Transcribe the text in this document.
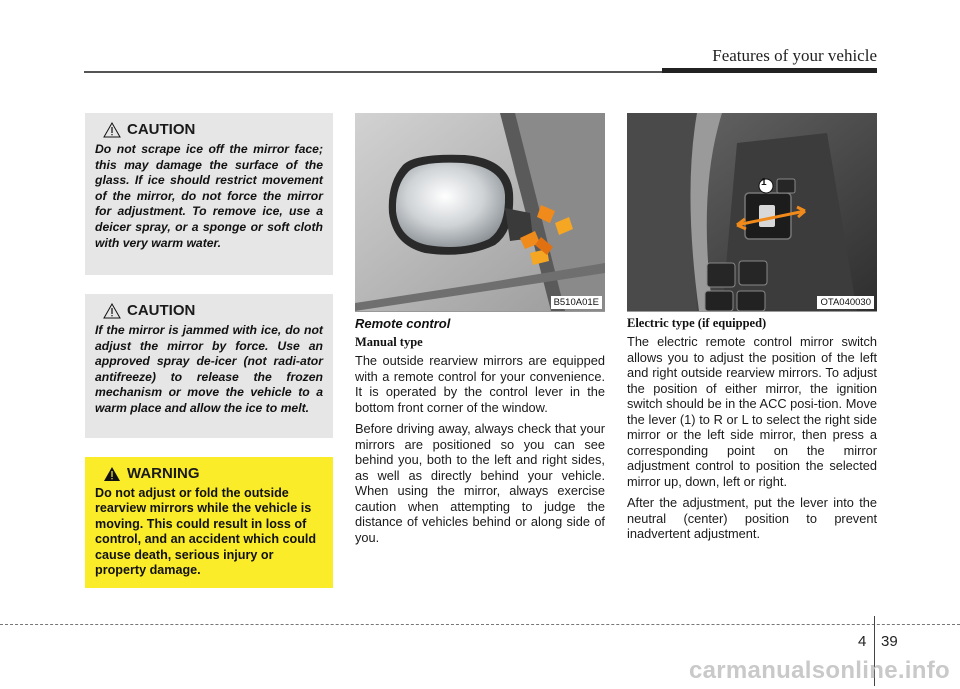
Features of your vehicle
CAUTION
Do not scrape ice off the mirror face; this may damage the surface of the glass. If ice should restrict movement of the mirror, do not force the mirror for adjustment. To remove ice, use a deicer spray, or a sponge or soft cloth with very warm water.
CAUTION
If the mirror is jammed with ice, do not adjust the mirror by force. Use an approved spray de-icer (not radi-ator antifreeze) to release the frozen mechanism or move the vehicle to a warm place and allow the ice to melt.
WARNING
Do not adjust or fold the outside rearview mirrors while the vehicle is moving. This could result in loss of control, and an accident which could cause death, serious injury or property damage.
B510A01E
1
OTA040030
Remote control
Manual type

The outside rearview mirrors are equipped with a remote control for your convenience. It is operated by the control lever in the bottom front corner of the window.

Before driving away, always check that your mirrors are positioned so you can see behind you, both to the left and right sides, as well as directly behind your vehicle. When using the mirror, always exercise caution when attempting to judge the distance of vehicles behind or along side of you.

Electric type (if equipped)

The electric remote control mirror switch allows you to adjust the position of the left and right outside rearview mirrors. To adjust the position of either mirror, the ignition switch should be in the ACC posi-tion. Move the lever (1) to R or L to select the right side mirror or the left side mirror, then press a corresponding point on the mirror adjustment control to position the selected mirror up, down, left or right.

After the adjustment, put the lever into the neutral (center) position to prevent inadvertent adjustment.

4 39
carmanualsonline.info
